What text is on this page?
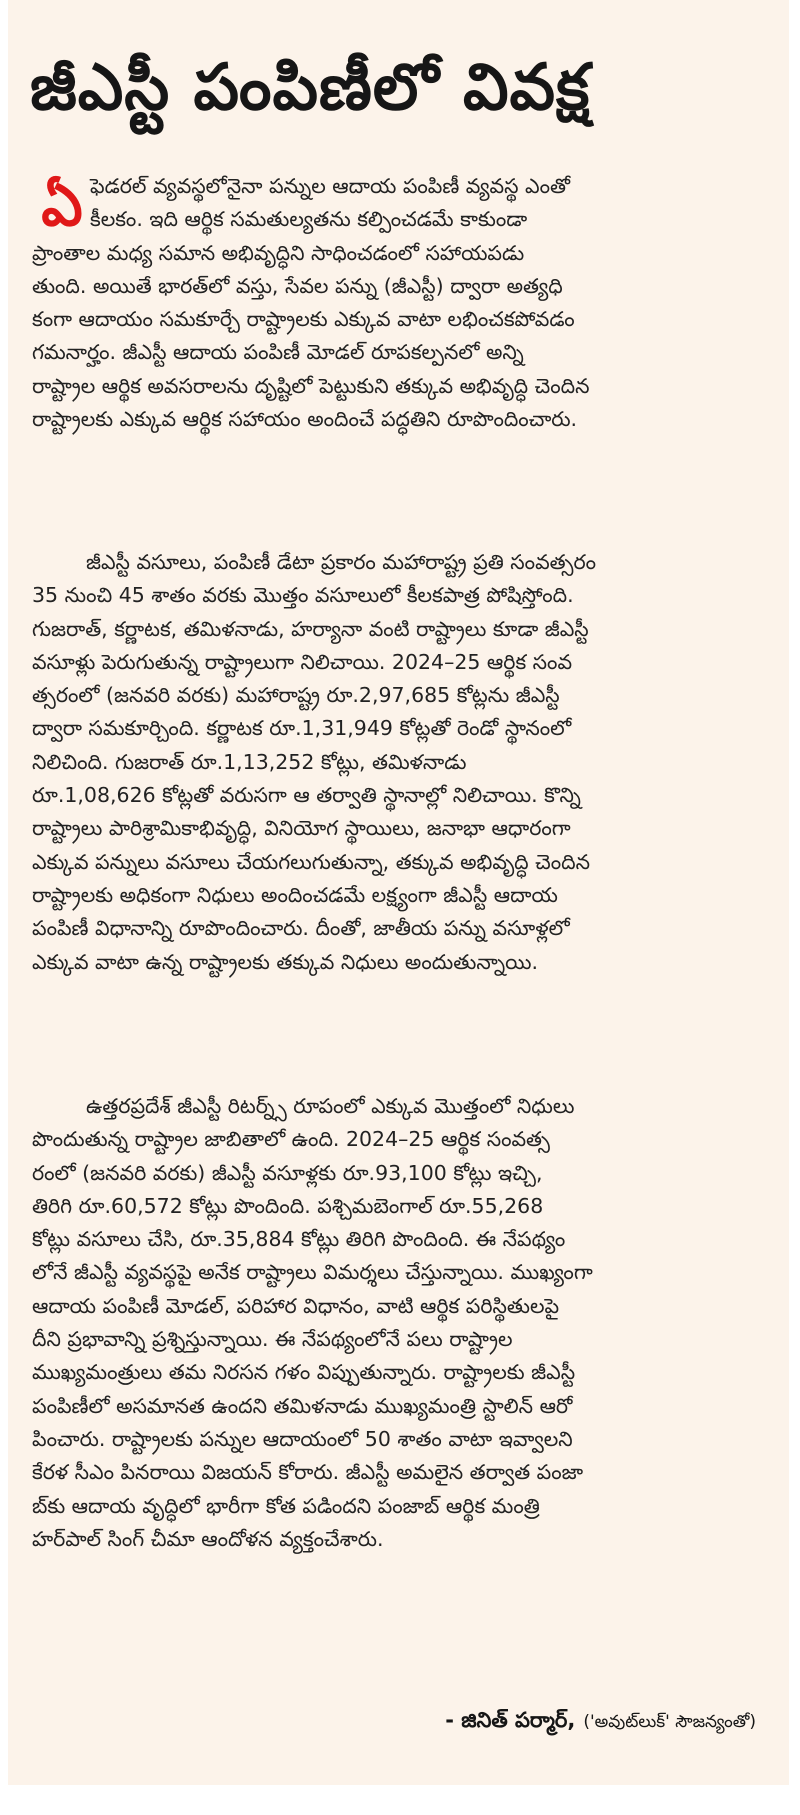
జీఎస్టీ పంపిణీలో వివక్ష
ఏ ఫెడరల్ వ్యవస్థలోనైనా పన్నుల ఆదాయ పంపిణీ వ్యవస్థ ఎంతో
కీలకం. ఇది ఆర్థిక సమతుల్యతను కల్పించడమే కాకుండా
ప్రాంతాల మధ్య సమాన అభివృద్ధిని సాధించడంలో సహాయపడు
తుంది. అయితే భారత్‌లో వస్తు, సేవల పన్ను (జీఎస్టీ) ద్వారా అత్యధి
కంగా ఆదాయం సమకూర్చే రాష్ట్రాలకు ఎక్కువ వాటా లభించకపోవడం
గమనార్హం. జీఎస్టీ ఆదాయ పంపిణీ మోడల్ రూపకల్పనలో అన్ని
రాష్ట్రాల ఆర్థిక అవసరాలను దృష్టిలో పెట్టుకుని తక్కువ అభివృద్ధి చెందిన
రాష్ట్రాలకు ఎక్కువ ఆర్థిక సహాయం అందించే పద్ధతిని రూపొందించారు.
జీఎస్టీ వసూలు, పంపిణీ డేటా ప్రకారం మహారాష్ట్ర ప్రతి సంవత్సరం
35 నుంచి 45 శాతం వరకు మొత్తం వసూలులో కీలకపాత్ర పోషిస్తోంది.
గుజరాత్, కర్ణాటక, తమిళనాడు, హర్యానా వంటి రాష్ట్రాలు కూడా జీఎస్టీ
వసూళ్లు పెరుగుతున్న రాష్ట్రాలుగా నిలిచాయి. 2024–25 ఆర్థిక సంవ
త్సరంలో (జనవరి వరకు) మహారాష్ట్ర రూ.2,97,685 కోట్లను జీఎస్టీ
ద్వారా సమకూర్చింది. కర్ణాటక రూ.1,31,949 కోట్లతో రెండో స్థానంలో
నిలిచింది. గుజరాత్ రూ.1,13,252 కోట్లు, తమిళనాడు
రూ.1,08,626 కోట్లతో వరుసగా ఆ తర్వాతి స్థానాల్లో నిలిచాయి. కొన్ని
రాష్ట్రాలు పారిశ్రామికాభివృద్ధి, వినియోగ స్థాయిలు, జనాభా ఆధారంగా
ఎక్కువ పన్నులు వసూలు చేయగలుగుతున్నా, తక్కువ అభివృద్ధి చెందిన
రాష్ట్రాలకు అధికంగా నిధులు అందించడమే లక్ష్యంగా జీఎస్టీ ఆదాయ
పంపిణీ విధానాన్ని రూపొందించారు. దీంతో, జాతీయ పన్ను వసూళ్లలో
ఎక్కువ వాటా ఉన్న రాష్ట్రాలకు తక్కువ నిధులు అందుతున్నాయి.
ఉత్తరప్రదేశ్ జీఎస్టీ రిటర్న్స్ రూపంలో ఎక్కువ మొత్తంలో నిధులు
పొందుతున్న రాష్ట్రాల జాబితాలో ఉంది. 2024–25 ఆర్థిక సంవత్స
రంలో (జనవరి వరకు) జీఎస్టీ వసూళ్లకు రూ.93,100 కోట్లు ఇచ్చి,
తిరిగి రూ.60,572 కోట్లు పొందింది. పశ్చిమబెంగాల్ రూ.55,268
కోట్లు వసూలు చేసి, రూ.35,884 కోట్లు తిరిగి పొందింది. ఈ నేపథ్యం
లోనే జీఎస్టీ వ్యవస్థపై అనేక రాష్ట్రాలు విమర్శలు చేస్తున్నాయి. ముఖ్యంగా
ఆదాయ పంపిణీ మోడల్, పరిహార విధానం, వాటి ఆర్థిక పరిస్థితులపై
దీని ప్రభావాన్ని ప్రశ్నిస్తున్నాయి. ఈ నేపథ్యంలోనే పలు రాష్ట్రాల
ముఖ్యమంత్రులు తమ నిరసన గళం విప్పుతున్నారు. రాష్ట్రాలకు జీఎస్టీ
పంపిణీలో అసమానత ఉందని తమిళనాడు ముఖ్యమంత్రి స్టాలిన్ ఆరో
పించారు. రాష్ట్రాలకు పన్నుల ఆదాయంలో 50 శాతం వాటా ఇవ్వాలని
కేరళ సీఎం పినరాయి విజయన్ కోరారు. జీఎస్టీ అమలైన తర్వాత పంజా
బ్‌కు ఆదాయ వృద్ధిలో భారీగా కోత పడిందని పంజాబ్ ఆర్థిక మంత్రి
హర్‌పాల్ సింగ్ చీమా ఆందోళన వ్యక్తంచేశారు.
- జినిత్ పర్మార్, ('అవుట్‌లుక్' సౌజన్యంతో)
